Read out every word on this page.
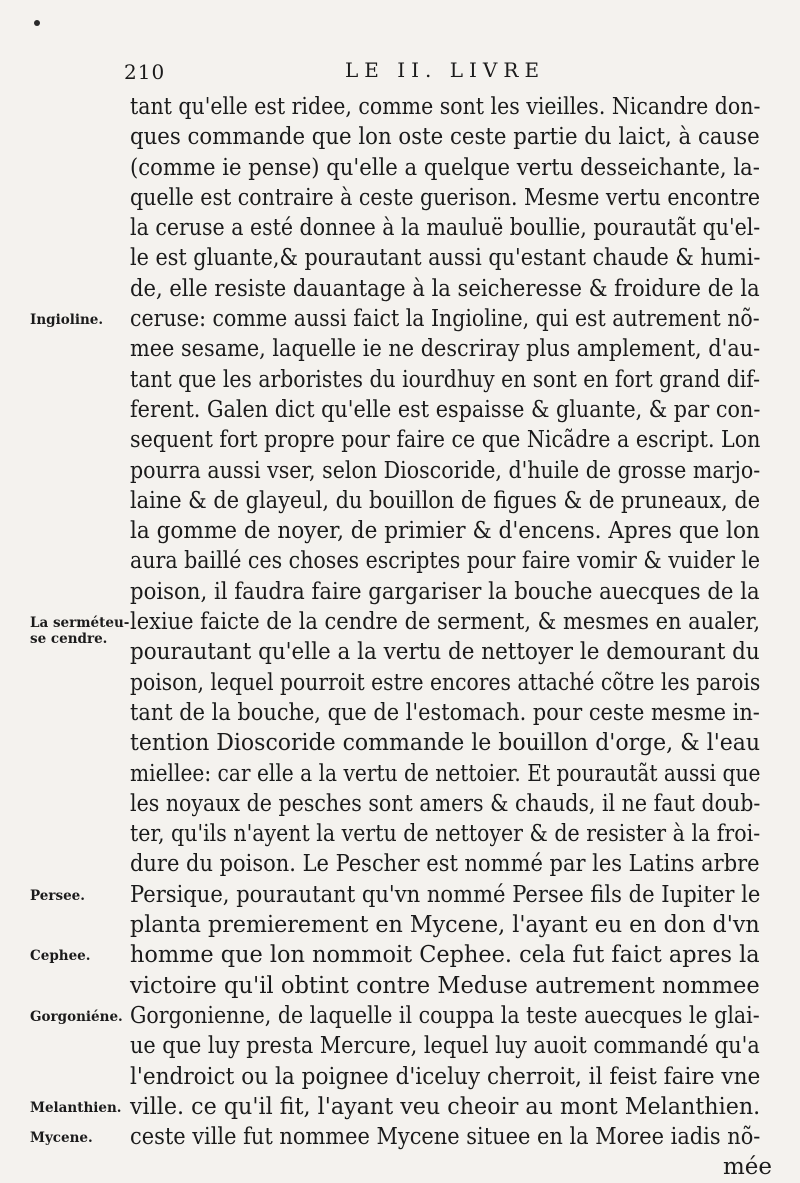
210	LE II. LIVRE
tant qu'elle est ridee, comme sont les vieilles. Nicandre don-
ques commande que lon oste ceste partie du laict, à cause
(comme ie pense) qu'elle a quelque vertu desseichante, la-
quelle est contraire à ceste guerison. Mesme vertu encontre
la ceruse a esté donnee à la mauluë boullie, pourautãt qu'el-
le est gluante,& pourautant aussi qu'estant chaude & humi-
de, elle resiste dauantage à la seicheresse & froidure de la
ceruse: comme aussi faict la Ingioline, qui est autrement nõ-
mee sesame, laquelle ie ne descriray plus amplement, d'au-
tant que les arboristes du iourdhuy en sont en fort grand dif-
ferent. Galen dict qu'elle est espaisse & gluante, & par con-
sequent fort propre pour faire ce que Nicãdre a escript. Lon
pourra aussi vser, selon Dioscoride, d'huile de grosse marjo-
laine & de glayeul, du bouillon de figues & de pruneaux, de
la gomme de noyer, de primier & d'encens. Apres que lon
aura baillé ces choses escriptes pour faire vomir & vuider le
poison, il faudra faire gargariser la bouche auecques de la
lexiue faicte de la cendre de serment, & mesmes en aualer,
pourautant qu'elle a la vertu de nettoyer le demourant du
poison, lequel pourroit estre encores attaché cõtre les parois
tant de la bouche, que de l'estomach. pour ceste mesme in-
tention Dioscoride commande le bouillon d'orge, & l'eau
miellee: car elle a la vertu de nettoier. Et pourautãt aussi que
les noyaux de pesches sont amers & chauds, il ne faut doub-
ter, qu'ils n'ayent la vertu de nettoyer & de resister à la froi-
dure du poison. Le Pescher est nommé par les Latins arbre
Persique, pourautant qu'vn nommé Persee fils de Iupiter le
planta premierement en Mycene, l'ayant eu en don d'vn
homme que lon nommoit Cephee. cela fut faict apres la
victoire qu'il obtint contre Meduse autrement nommee
Gorgonienne, de laquelle il couppa la teste auecques le glai-
ue que luy presta Mercure, lequel luy auoit commandé qu'a
l'endroict ou la poignee d'iceluy cherroit, il feist faire vne
ville. ce qu'il fit, l'ayant veu cheoir au mont Melanthien.
ceste ville fut nommee Mycene situee en la Moree iadis nõ-
mée
Ingioline.
La serméteu-
se cendre.
Persee.
Cephee.
Gorgoniéne.
Melanthien.
Mycene.
